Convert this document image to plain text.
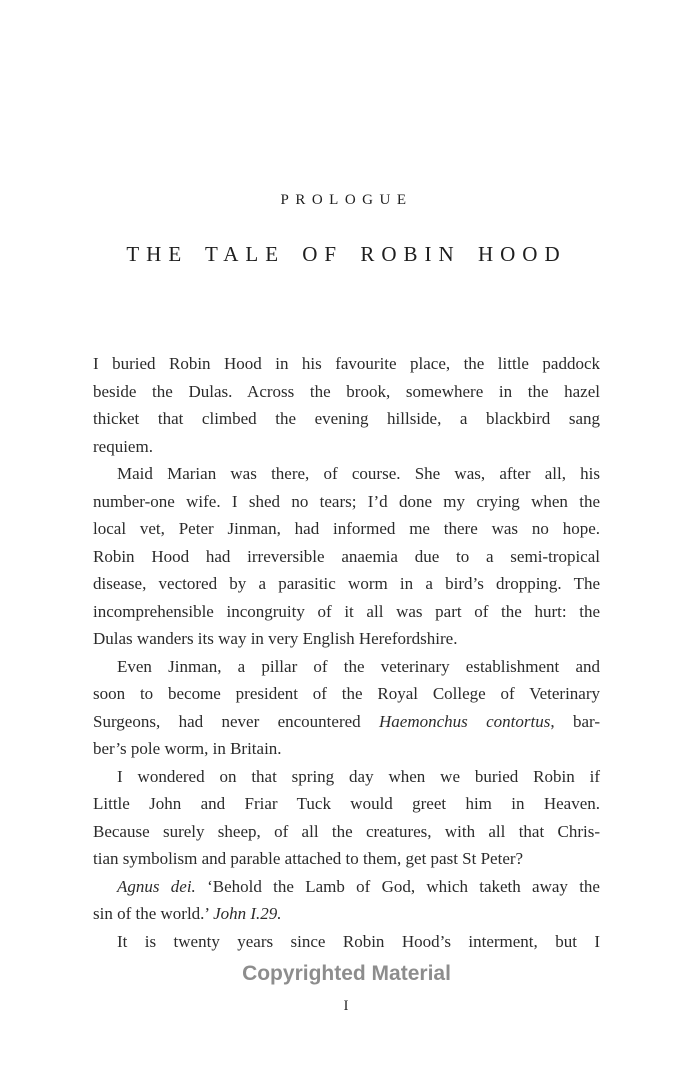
PROLOGUE
THE TALE OF ROBIN HOOD
I buried Robin Hood in his favourite place, the little paddock
beside the Dulas. Across the brook, somewhere in the hazel
thicket that climbed the evening hillside, a blackbird sang
requiem.
Maid Marian was there, of course. She was, after all, his
number-one wife. I shed no tears; I’d done my crying when the
local vet, Peter Jinman, had informed me there was no hope.
Robin Hood had irreversible anaemia due to a semi-tropical
disease, vectored by a parasitic worm in a bird’s dropping. The
incomprehensible incongruity of it all was part of the hurt: the
Dulas wanders its way in very English Herefordshire.
Even Jinman, a pillar of the veterinary establishment and
soon to become president of the Royal College of Veterinary
Surgeons, had never encountered Haemonchus contortus, bar-
ber’s pole worm, in Britain.
I wondered on that spring day when we buried Robin if
Little John and Friar Tuck would greet him in Heaven.
Because surely sheep, of all the creatures, with all that Chris-
tian symbolism and parable attached to them, get past St Peter?
Agnus dei. ‘Behold the Lamb of God, which taketh away the
sin of the world.’ John I.29.
It is twenty years since Robin Hood’s interment, but I
Copyrighted Material
I
